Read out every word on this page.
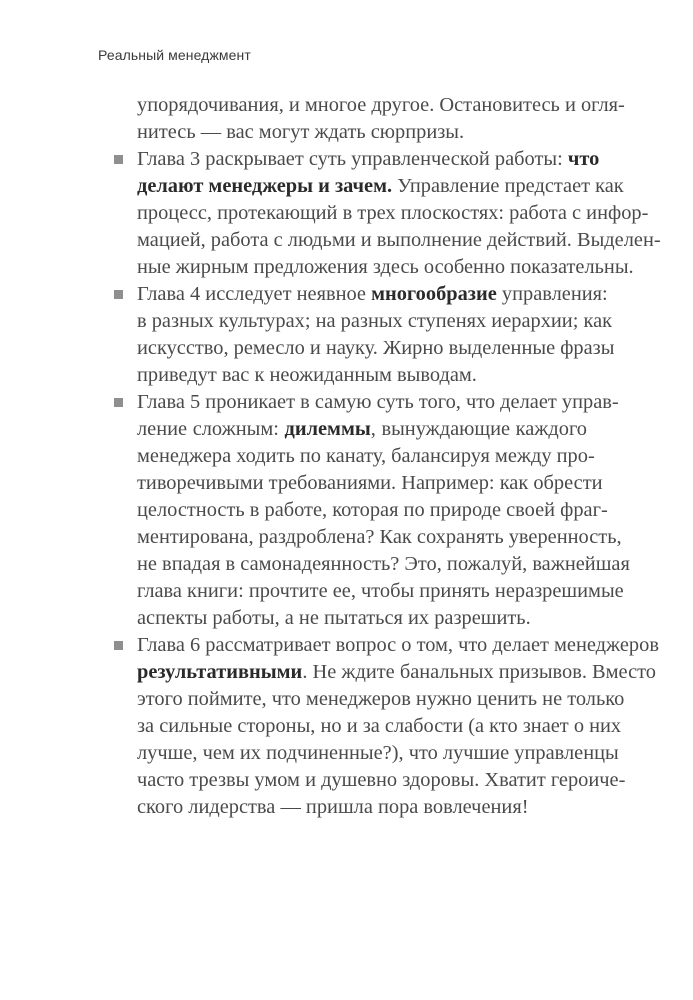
Реальный менеджмент
упорядочивания, и многое другое. Остановитесь и огля-
нитесь — вас могут ждать сюрпризы.
Глава 3 раскрывает суть управленческой работы: что
делают менеджеры и зачем. Управление предстает как
процесс, протекающий в трех плоскостях: работа с инфор-
мацией, работа с людьми и выполнение действий. Выделен-
ные жирным предложения здесь особенно показательны.
Глава 4 исследует неявное многообразие управления:
в разных культурах; на разных ступенях иерархии; как
искусство, ремесло и науку. Жирно выделенные фразы
приведут вас к неожиданным выводам.
Глава 5 проникает в самую суть того, что делает управ-
ление сложным: дилеммы, вынуждающие каждого
менеджера ходить по канату, балансируя между про-
тиворечивыми требованиями. Например: как обрести
целостность в работе, которая по природе своей фраг-
ментирована, раздроблена? Как сохранять уверенность,
не впадая в самонадеянность? Это, пожалуй, важнейшая
глава книги: прочтите ее, чтобы принять неразрешимые
аспекты работы, а не пытаться их разрешить.
Глава 6 рассматривает вопрос о том, что делает менеджеров
результативными. Не ждите банальных призывов. Вместо
этого поймите, что менеджеров нужно ценить не только
за сильные стороны, но и за слабости (а кто знает о них
лучше, чем их подчиненные?), что лучшие управленцы
часто трезвы умом и душевно здоровы. Хватит героиче-
ского лидерства — пришла пора вовлечения!
